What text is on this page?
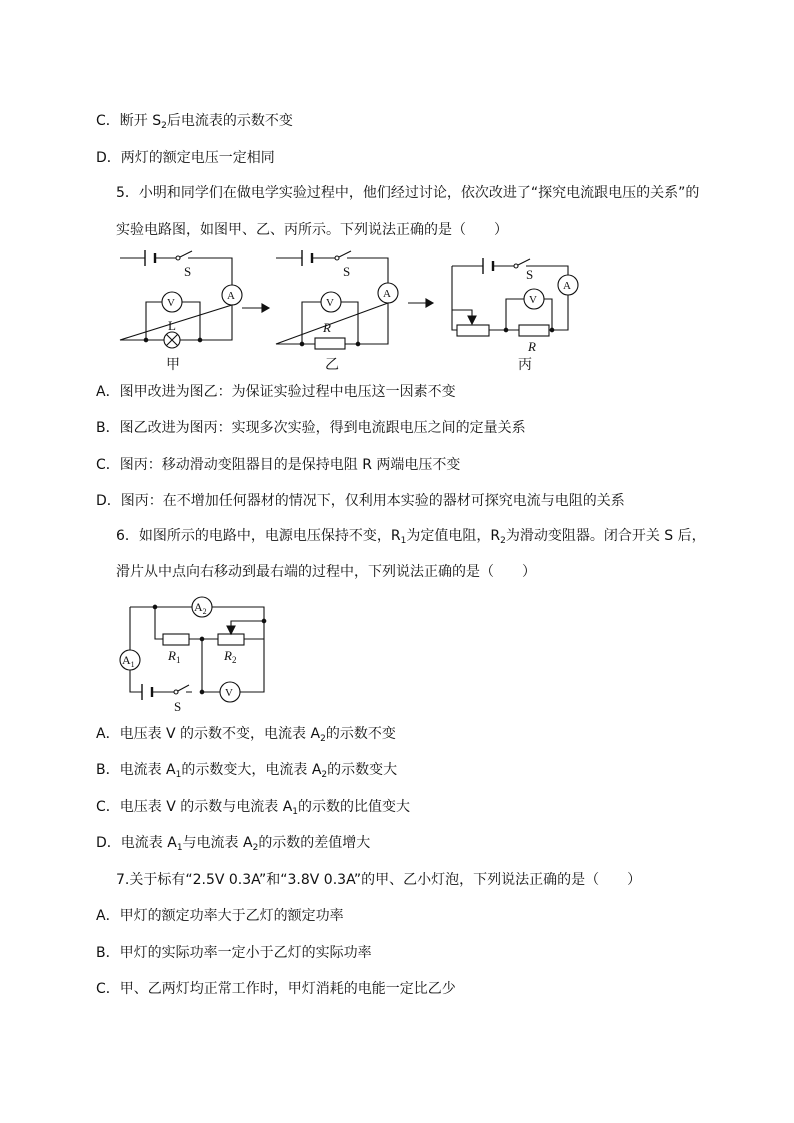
C．断开 $S_2$后电流表的示数不变
D．两灯的额定电压一定相同
5．小明和同学们在做电学实验过程中，他们经过讨论，依次改进了“探究电流跟电压的关系”的
实验电路图，如图甲、乙、丙所示。下列说法正确的是（　　）
S
A
V
L
甲
S
A
V
R
乙
S
A
V
R
丙
$A_2$
$A_1$
V
$R_1$	$R_2$
S
A．图甲改进为图乙：为保证实验过程中电压这一因素不变
B．图乙改进为图丙：实现多次实验，得到电流跟电压之间的定量关系
C．图丙：移动滑动变阻器目的是保持电阻 R 两端电压不变
D．图丙：在不增加任何器材的情况下，仅利用本实验的器材可探究电流与电阻的关系
6．如图所示的电路中，电源电压保持不变，$R_1$为定值电阻，$R_2$为滑动变阻器。闭合开关 S 后，
滑片从中点向右移动到最右端的过程中，下列说法正确的是（　　）
A．电压表 V 的示数不变，电流表 $A_2$的示数不变
B．电流表 $A_1$的示数变大，电流表 $A_2$的示数变大
C．电压表 V 的示数与电流表 $A_1$的示数的比值变大
D．电流表 $A_1$与电流表 $A_2$的示数的差值增大
7.关于标有“2.5V 0.3A”和“3.8V 0.3A”的甲、乙小灯泡，下列说法正确的是（　　）
A．甲灯的额定功率大于乙灯的额定功率
B．甲灯的实际功率一定小于乙灯的实际功率
C．甲、乙两灯均正常工作时，甲灯消耗的电能一定比乙少
